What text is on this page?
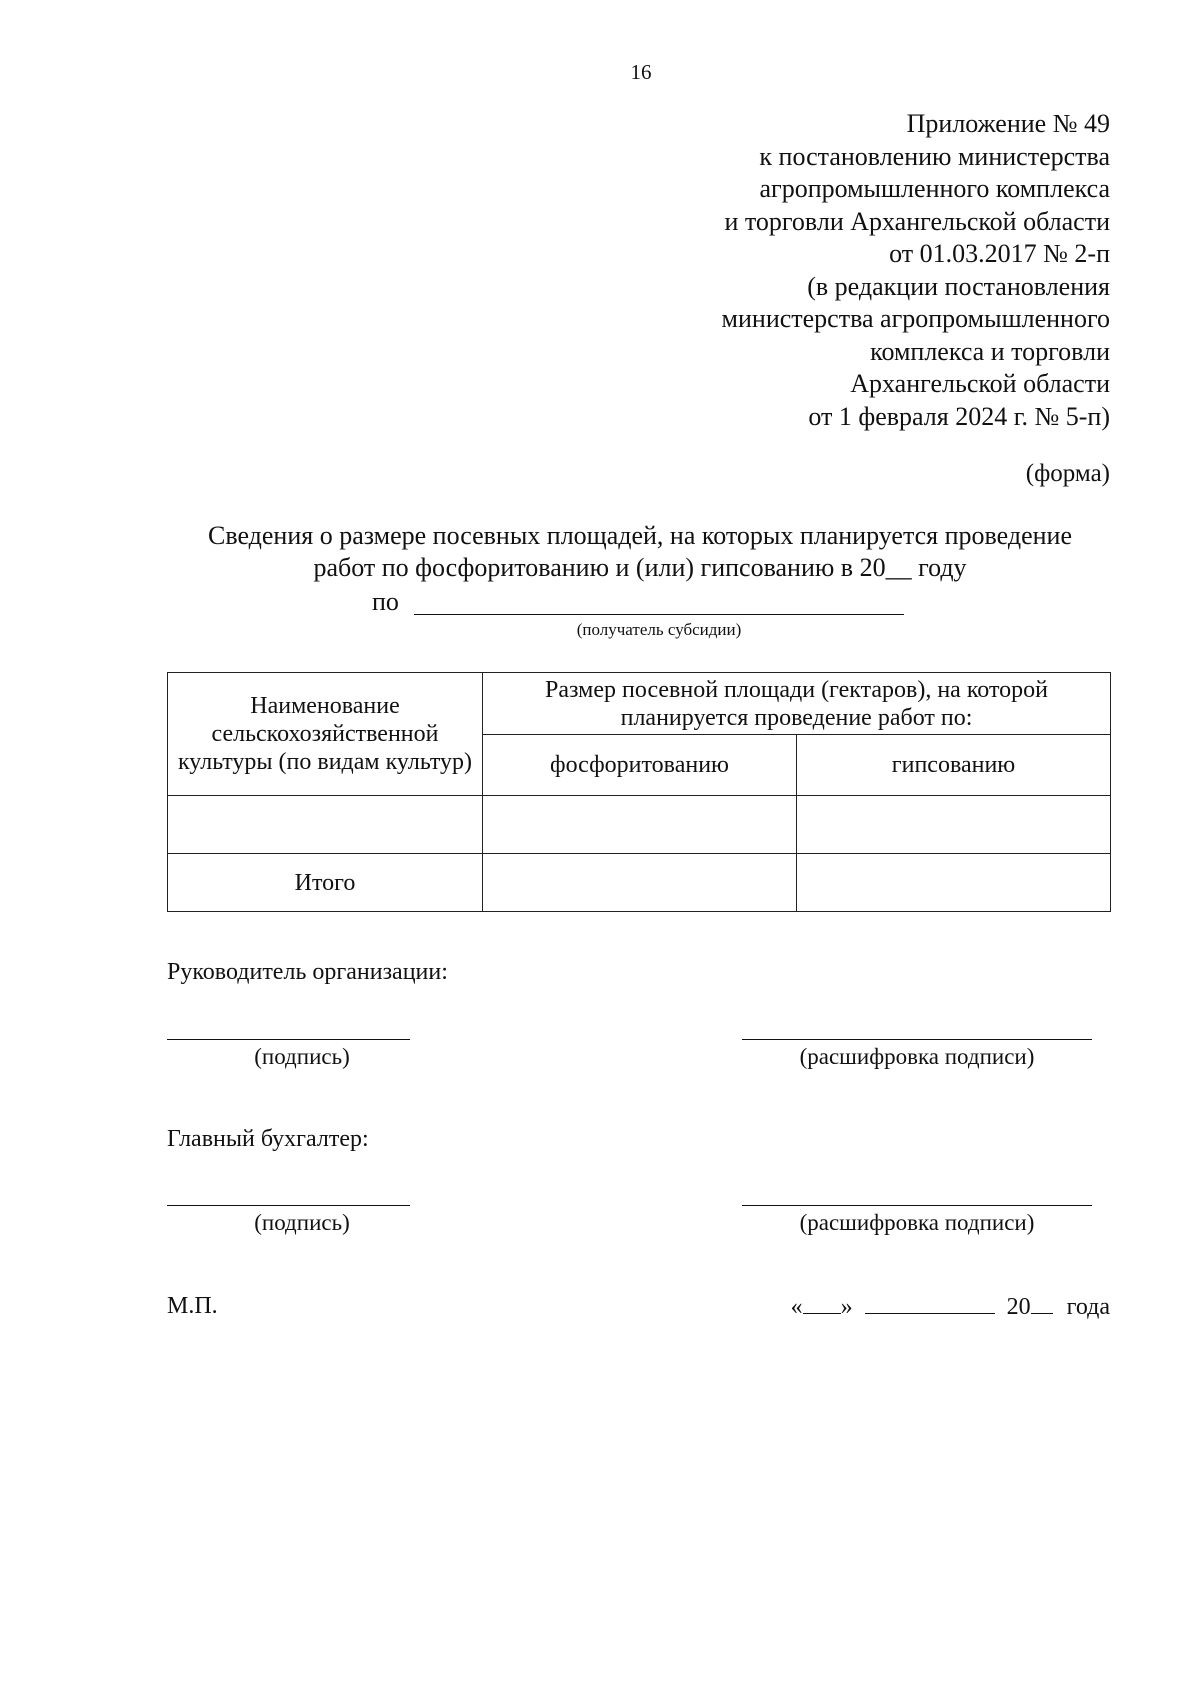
16
Приложение № 49
к постановлению министерства
агропромышленного комплекса
и торговли Архангельской области
от 01.03.2017 № 2-п
(в редакции постановления
министерства агропромышленного
комплекса и торговли
Архангельской области
от 1 февраля 2024 г. № 5-п)
(форма)
Сведения о размере посевных площадей, на которых планируется проведение
работ по фосфоритованию и (или) гипсованию в 20__ году
по
(получатель субсидии)
Наименование сельскохозяйственной культуры (по видам культур)	Размер посевной площади (гектаров), на которой планируется проведение работ по:	
	фосфоритованию	гипсованию

Итого		
Руководитель организации:
(подпись)	(расшифровка подписи)
Главный бухгалтер:
(подпись)	(расшифровка подписи)
М.П.	« »	20 года
